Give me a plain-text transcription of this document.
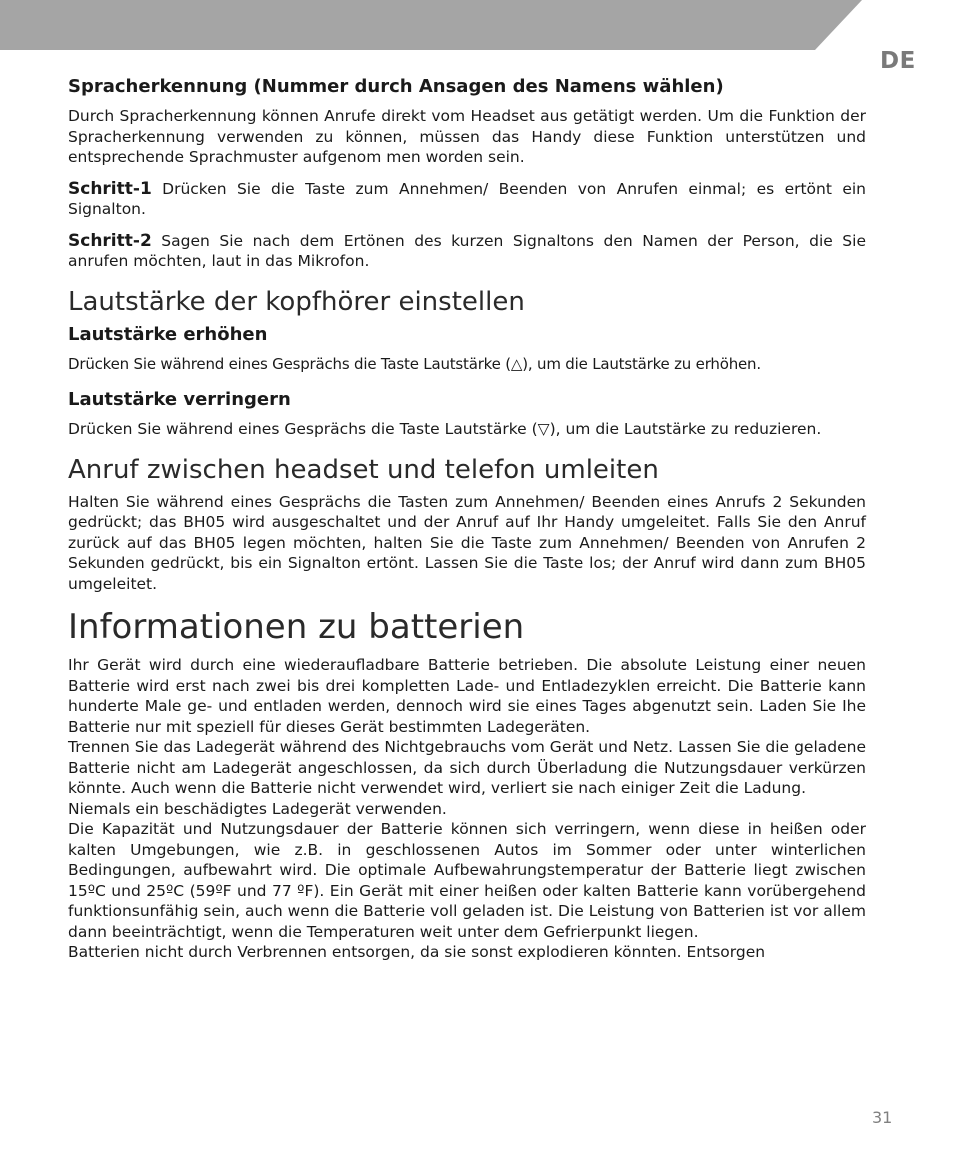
DE
Spracherkennung (Nummer durch Ansagen des Namens wählen)

Durch Spracherkennung können Anrufe direkt vom Headset aus getätigt werden. Um die Funktion der Spracherkennung verwenden zu können, müssen das Handy diese Funktion unterstützen und entsprechende Sprachmuster aufgenom men worden sein.

Schritt-1 Drücken Sie die Taste zum Annehmen/ Beenden von Anrufen einmal; es ertönt ein Signalton.

Schritt-2 Sagen Sie nach dem Ertönen des kurzen Signaltons den Namen der Person, die Sie anrufen möchten, laut in das Mikrofon.

Lautstärke der kopfhörer einstellen
Lautstärke erhöhen

Drücken Sie während eines Gesprächs die Taste Lautstärke (△), um die Lautstärke zu erhöhen.

Lautstärke verringern

Drücken Sie während eines Gesprächs die Taste Lautstärke (▽), um die Lautstärke zu reduzieren.

Anruf zwischen headset und telefon umleiten

Halten Sie während eines Gesprächs die Tasten zum Annehmen/ Beenden eines Anrufs 2 Sekunden gedrückt; das BH05 wird ausgeschaltet und der Anruf auf Ihr Handy umgeleitet. Falls Sie den Anruf zurück auf das BH05 legen möchten, halten Sie die Taste zum Annehmen/ Beenden von Anrufen 2 Sekunden gedrückt, bis ein Signalton ertönt. Lassen Sie die Taste los; der Anruf wird dann zum BH05 umgeleitet.

Informationen zu batterien

Ihr Gerät wird durch eine wiederaufladbare Batterie betrieben. Die absolute Leistung einer neuen Batterie wird erst nach zwei bis drei kompletten Lade- und Entladezyklen erreicht. Die Batterie kann hunderte Male ge- und entladen werden, dennoch wird sie eines Tages abgenutzt sein. Laden Sie Ihe Batterie nur mit speziell für dieses Gerät bestimmten Ladegeräten.

Trennen Sie das Ladegerät während des Nichtgebrauchs vom Gerät und Netz. Lassen Sie die geladene Batterie nicht am Ladegerät angeschlossen, da sich durch Überladung die Nutzungsdauer verkürzen könnte. Auch wenn die Batterie nicht verwendet wird, verliert sie nach einiger Zeit die Ladung.

Niemals ein beschädigtes Ladegerät verwenden.

Die Kapazität und Nutzungsdauer der Batterie können sich verringern, wenn diese in heißen oder kalten Umgebungen, wie z.B. in geschlossenen Autos im Sommer oder unter winterlichen Bedingungen, aufbewahrt wird. Die optimale Aufbewahrungstemperatur der Batterie liegt zwischen 15ºC und 25ºC (59ºF und 77 ºF). Ein Gerät mit einer heißen oder kalten Batterie kann vorübergehend funktionsunfähig sein, auch wenn die Batterie voll geladen ist. Die Leistung von Batterien ist vor allem dann beeinträchtigt, wenn die Temperaturen weit unter dem Gefrierpunkt liegen.

Batterien nicht durch Verbrennen entsorgen, da sie sonst explodieren könnten. Entsorgen

31
